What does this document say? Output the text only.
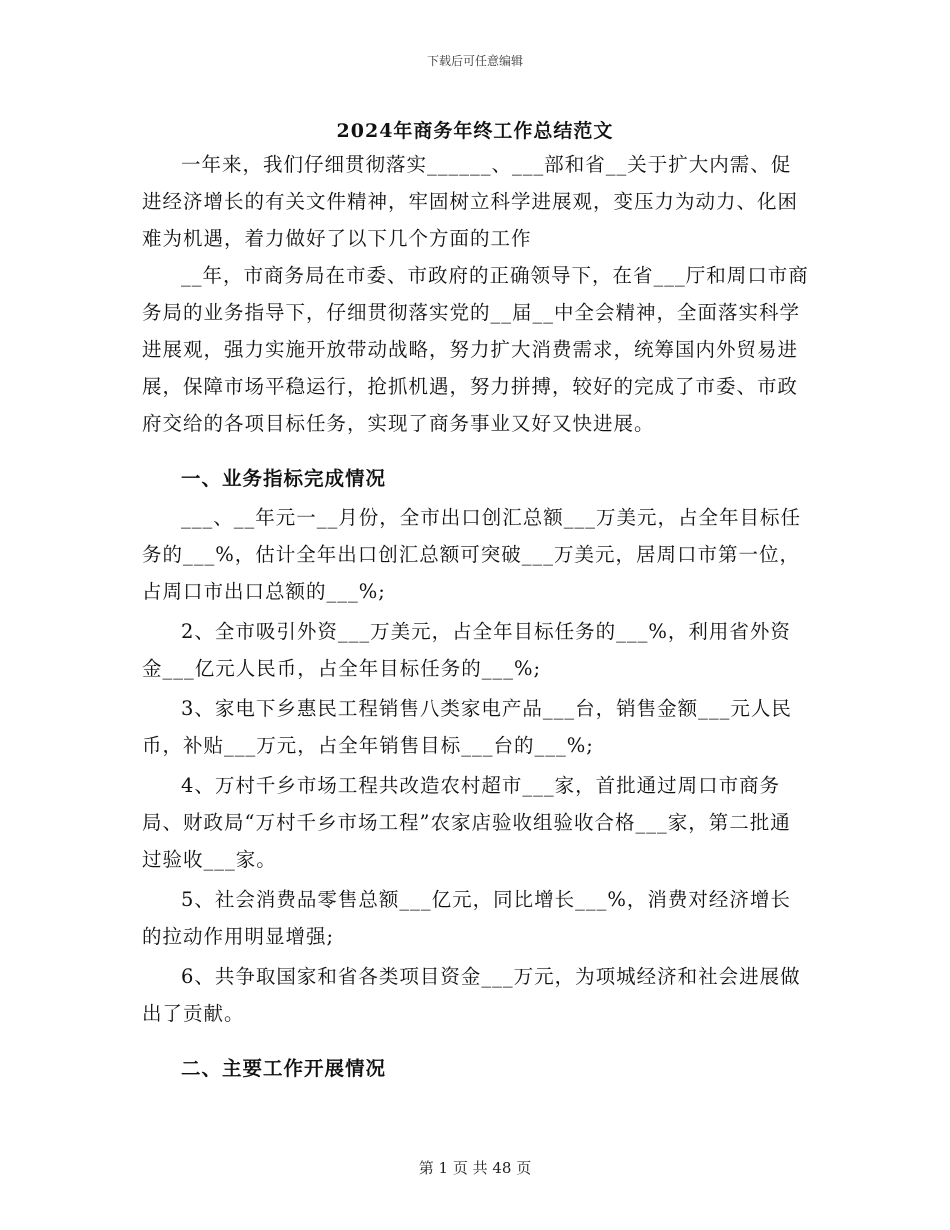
下载后可任意编辑
2024年商务年终工作总结范文

一年来，我们仔细贯彻落实______、___部和省__关于扩大内需、促进经济增长的有关文件精神，牢固树立科学进展观，变压力为动力、化困难为机遇，着力做好了以下几个方面的工作

__年，市商务局在市委、市政府的正确领导下，在省___厅和周口市商务局的业务指导下，仔细贯彻落实党的__届__中全会精神，全面落实科学进展观，强力实施开放带动战略，努力扩大消费需求，统筹国内外贸易进展，保障市场平稳运行，抢抓机遇，努力拼搏，较好的完成了市委、市政府交给的各项目标任务，实现了商务事业又好又快进展。

一、业务指标完成情况

___、__年元一__月份，全市出口创汇总额___万美元，占全年目标任务的___%，估计全年出口创汇总额可突破___万美元，居周口市第一位，占周口市出口总额的___%;

2、全市吸引外资___万美元，占全年目标任务的___%，利用省外资金___亿元人民币，占全年目标任务的___%;

3、家电下乡惠民工程销售八类家电产品___台，销售金额___元人民币，补贴___万元，占全年销售目标___台的___%;

4、万村千乡市场工程共改造农村超市___家，首批通过周口市商务局、财政局“万村千乡市场工程”农家店验收组验收合格___家，第二批通过验收___家。

5、社会消费品零售总额___亿元，同比增长___%，消费对经济增长的拉动作用明显增强;

6、共争取国家和省各类项目资金___万元，为项城经济和社会进展做出了贡献。

二、主要工作开展情况
第 1 页 共 48 页
